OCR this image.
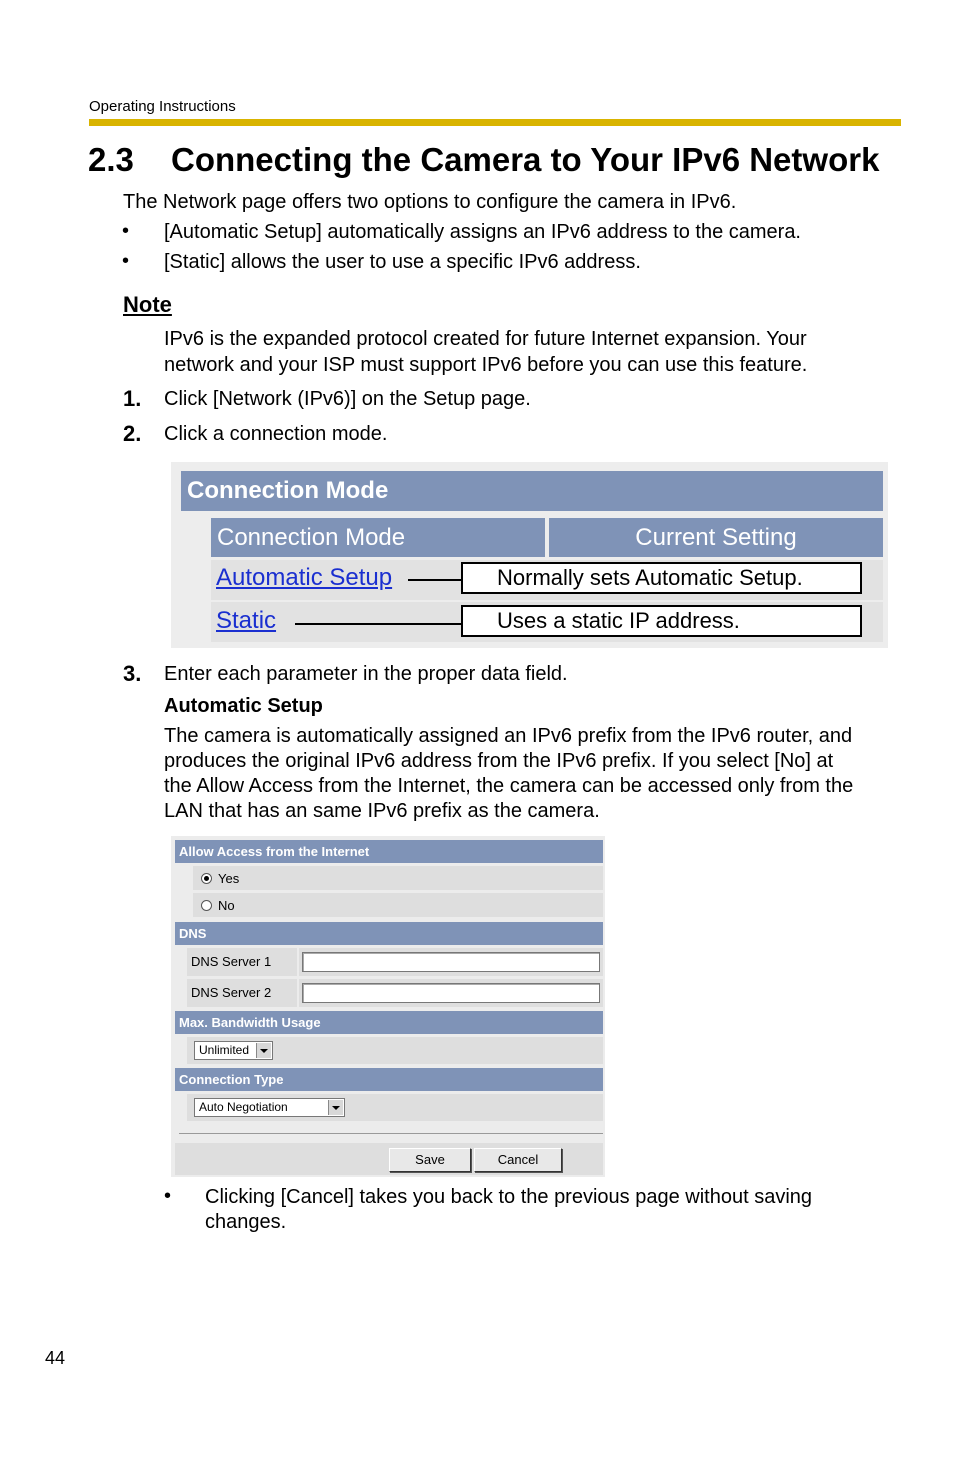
Operating Instructions
2.3 Connecting the Camera to Your IPv6 Network
The Network page offers two options to configure the camera in IPv6.
• [Automatic Setup] automatically assigns an IPv6 address to the camera.
• [Static] allows the user to use a specific IPv6 address.
Note
IPv6 is the expanded protocol created for future Internet expansion. Your
network and your ISP must support IPv6 before you can use this feature.
1. Click [Network (IPv6)] on the Setup page.
2. Click a connection mode.
Connection Mode
Connection Mode	Current Setting
Automatic Setup
Static
Normally sets Automatic Setup.
Uses a static IP address.
3. Enter each parameter in the proper data field.
Automatic Setup
The camera is automatically assigned an IPv6 prefix from the IPv6 router, and
produces the original IPv6 address from the IPv6 prefix. If you select [No] at
the Allow Access from the Internet, the camera can be accessed only from the
LAN that has an same IPv6 prefix as the camera.
Allow Access from the Internet
Yes
No
DNS
DNS Server 1
DNS Server 2
Max. Bandwidth Usage
Unlimited
Connection Type
Auto Negotiation
Save	Cancel
• Clicking [Cancel] takes you back to the previous page without saving
changes.
44
